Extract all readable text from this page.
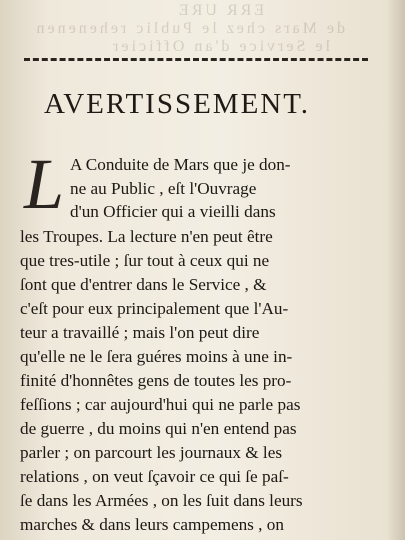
ERR URE
de Mars chez le Public rehenenen
le Service d'an Officier
AVERTISSEMENT.
L A Conduite de Mars que je don-
ne au Public , eſt l'Ouvrage
d'un Officier qui a vieilli dans
les Troupes. La lecture n'en peut être
que tres-utile ; ſur tout à ceux qui ne
ſont que d'entrer dans le Service , &
c'eſt pour eux principalement que l'Au-
teur a travaillé ; mais l'on peut dire
qu'elle ne le ſera guéres moins à une in-
finité d'honnêtes gens de toutes les pro-
feſſions ; car aujourd'hui qui ne parle pas
de guerre , du moins qui n'en entend pas
parler ; on parcourt les journaux & les
relations , on veut ſçavoir ce qui ſe paſ-
ſe dans les Armées , on les ſuit dans leurs
marches & dans leurs campemens , on
